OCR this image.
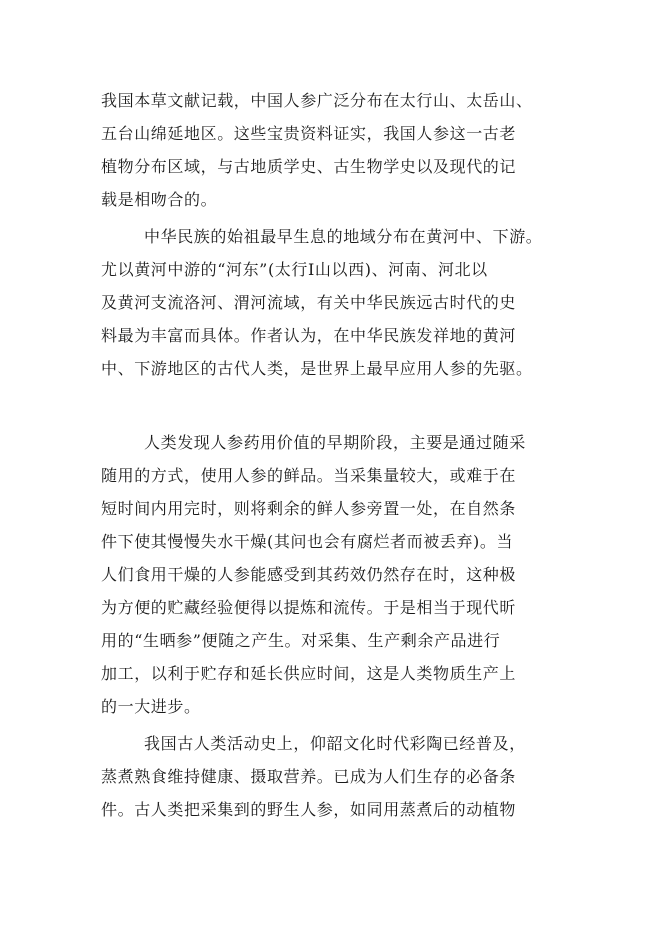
我国本草文献记载，中国人参广泛分布在太行山、太岳山、
五台山绵延地区。这些宝贵资料证实，我国人参这一古老
植物分布区域，与古地质学史、古生物学史以及现代的记
载是相吻合的。
中华民族的始祖最早生息的地域分布在黄河中、下游。
尤以黄河中游的“河东”(太行Ⅰ山以西)、河南、河北以
及黄河支流洛河、渭河流域，有关中华民族远古时代的史
料最为丰富而具体。作者认为，在中华民族发祥地的黄河
中、下游地区的古代人类，是世界上最早应用人参的先驱。
人类发现人参药用价值的早期阶段，主要是通过随采
随用的方式，使用人参的鲜品。当采集量较大，或难于在
短时间内用完时，则将剩余的鲜人参旁置一处，在自然条
件下使其慢慢失水干燥(其问也会有腐烂者而被丢弃)。当
人们食用干燥的人参能感受到其药效仍然存在时，这种极
为方便的贮藏经验便得以提炼和流传。于是相当于现代昕
用的“生晒参”便随之产生。对采集、生产剩余产品进行
加工，以利于贮存和延长供应时间，这是人类物质生产上
的一大进步。
我国古人类活动史上，仰韶文化时代彩陶已经普及，
蒸煮熟食维持健康、摄取营养。已成为人们生存的必备条
件。古人类把采集到的野生人参，如同用蒸煮后的动植物
